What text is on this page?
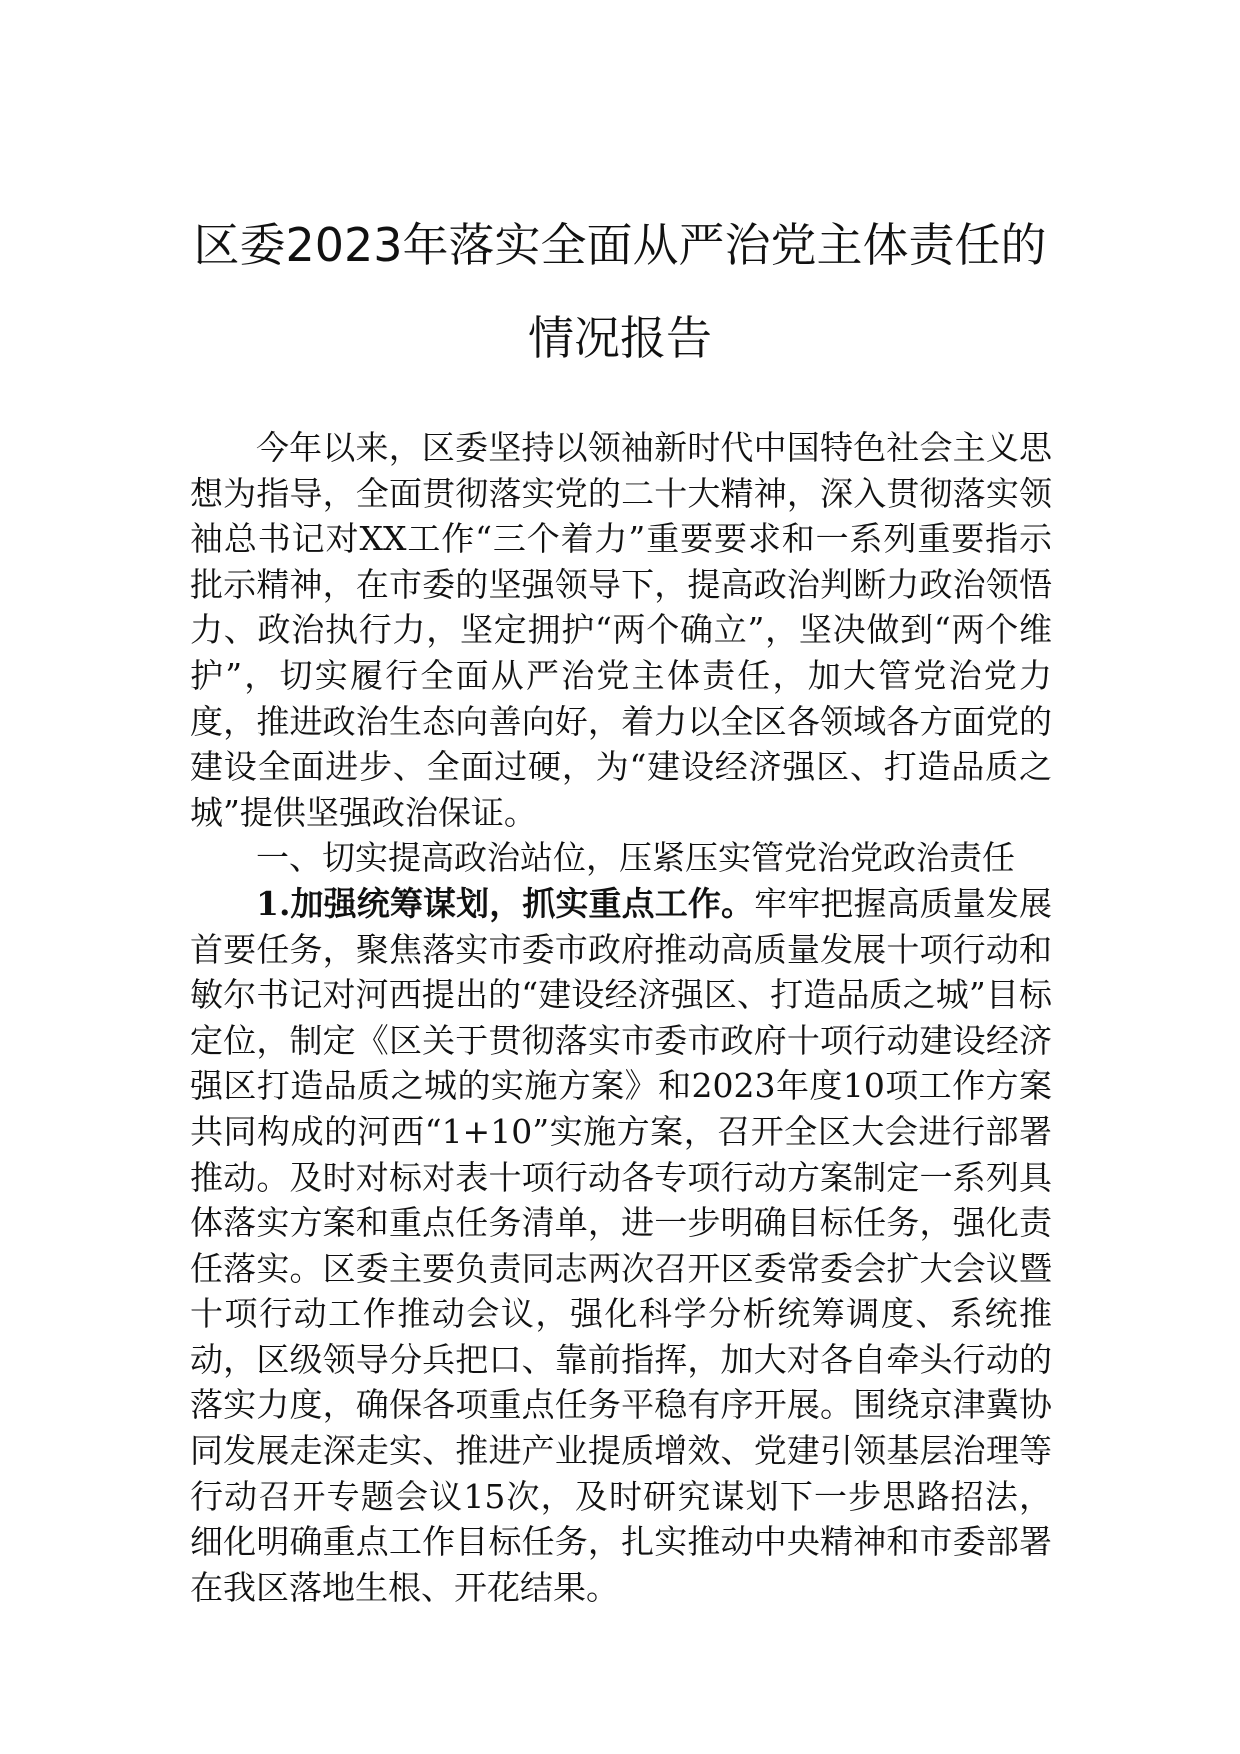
区委2023年落实全面从严治党主体责任的
情况报告

今年以来，区委坚持以领袖新时代中国特色社会主义思想为指导，全面贯彻落实党的二十大精神，深入贯彻落实领袖总书记对XX工作“三个着力”重要要求和一系列重要指示批示精神，在市委的坚强领导下，提高政治判断力政治领悟力、政治执行力，坚定拥护“两个确立”，坚决做到“两个维护”，切实履行全面从严治党主体责任，加大管党治党力度，推进政治生态向善向好，着力以全区各领域各方面党的建设全面进步、全面过硬，为“建设经济强区、打造品质之城”提供坚强政治保证。

一、切实提高政治站位，压紧压实管党治党政治责任

1.加强统筹谋划，抓实重点工作。牢牢把握高质量发展首要任务，聚焦落实市委市政府推动高质量发展十项行动和敏尔书记对河西提出的“建设经济强区、打造品质之城”目标定位，制定《区关于贯彻落实市委市政府十项行动建设经济强区打造品质之城的实施方案》和2023年度10项工作方案共同构成的河西“1+10”实施方案，召开全区大会进行部署推动。及时对标对表十项行动各专项行动方案制定一系列具体落实方案和重点任务清单，进一步明确目标任务，强化责任落实。区委主要负责同志两次召开区委常委会扩大会议暨十项行动工作推动会议，强化科学分析统筹调度、系统推动，区级领导分兵把口、靠前指挥，加大对各自牵头行动的落实力度，确保各项重点任务平稳有序开展。围绕京津冀协同发展走深走实、推进产业提质增效、党建引领基层治理等行动召开专题会议15次，及时研究谋划下一步思路招法，细化明确重点工作目标任务，扎实推动中央精神和市委部署在我区落地生根、开花结果。
